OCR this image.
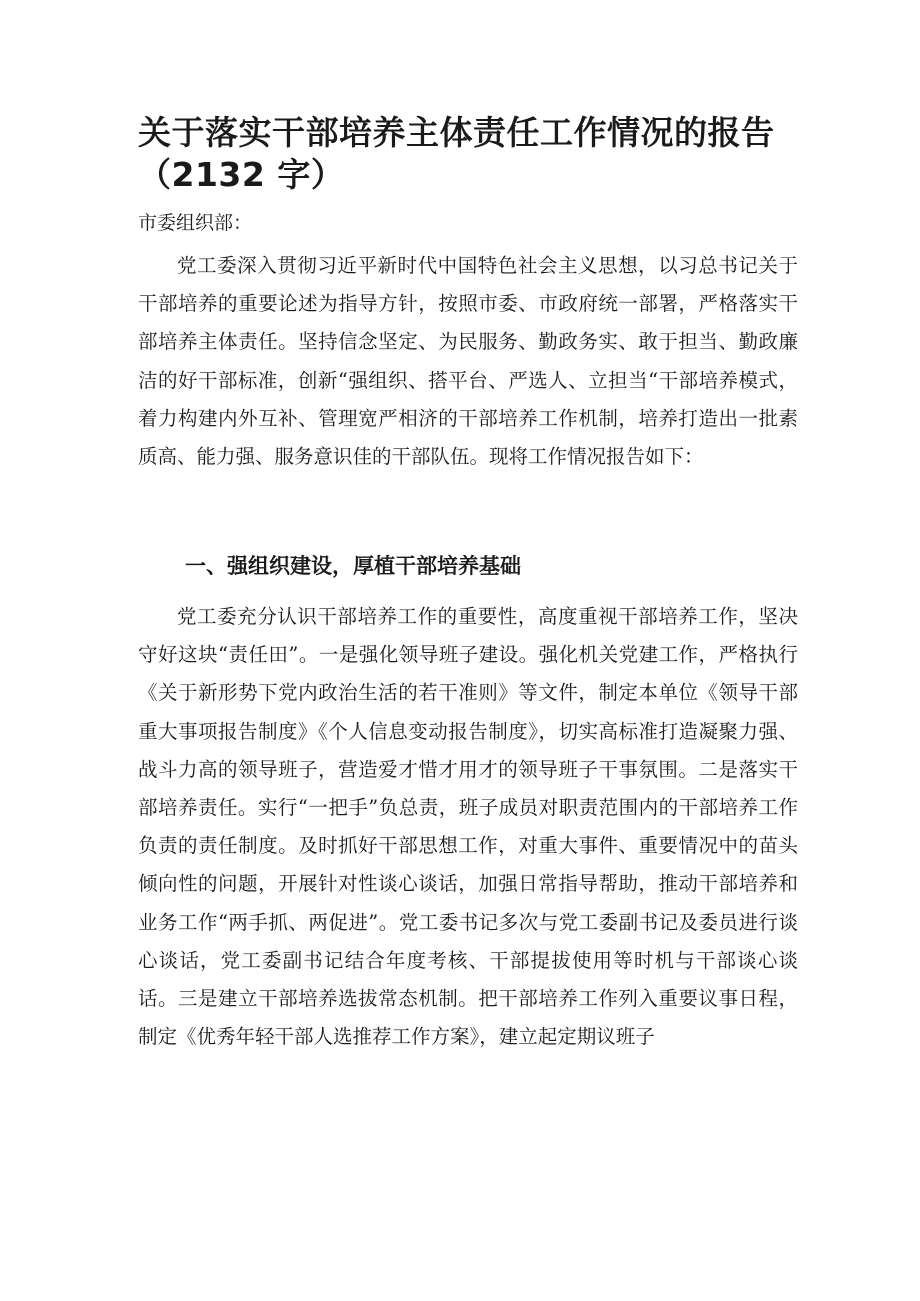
关于落实干部培养主体责任工作情况的报告
（2132 字）

市委组织部：

党工委深入贯彻习近平新时代中国特色社会主义思想，以习总书记关于干部培养的重要论述为指导方针，按照市委、市政府统一部署，严格落实干部培养主体责任。坚持信念坚定、为民服务、勤政务实、敢于担当、勤政廉洁的好干部标准，创新“强组织、搭平台、严选人、立担当“干部培养模式，着力构建内外互补、管理宽严相济的干部培养工作机制，培养打造出一批素质高、能力强、服务意识佳的干部队伍。现将工作情况报告如下：

一、强组织建设，厚植干部培养基础

党工委充分认识干部培养工作的重要性，高度重视干部培养工作，坚决守好这块“责任田”。一是强化领导班子建设。强化机关党建工作，严格执行《关于新形势下党内政治生活的若干准则》等文件，制定本单位《领导干部重大事项报告制度》《个人信息变动报告制度》，切实高标准打造凝聚力强、战斗力高的领导班子，营造爱才惜才用才的领导班子干事氛围。二是落实干部培养责任。实行“一把手”负总责，班子成员对职责范围内的干部培养工作负责的责任制度。及时抓好干部思想工作，对重大事件、重要情况中的苗头倾向性的问题，开展针对性谈心谈话，加强日常指导帮助，推动干部培养和业务工作“两手抓、两促进”。党工委书记多次与党工委副书记及委员进行谈心谈话，党工委副书记结合年度考核、干部提拔使用等时机与干部谈心谈话。三是建立干部培养选拔常态机制。把干部培养工作列入重要议事日程，制定《优秀年轻干部人选推荐工作方案》，建立起定期议班子
